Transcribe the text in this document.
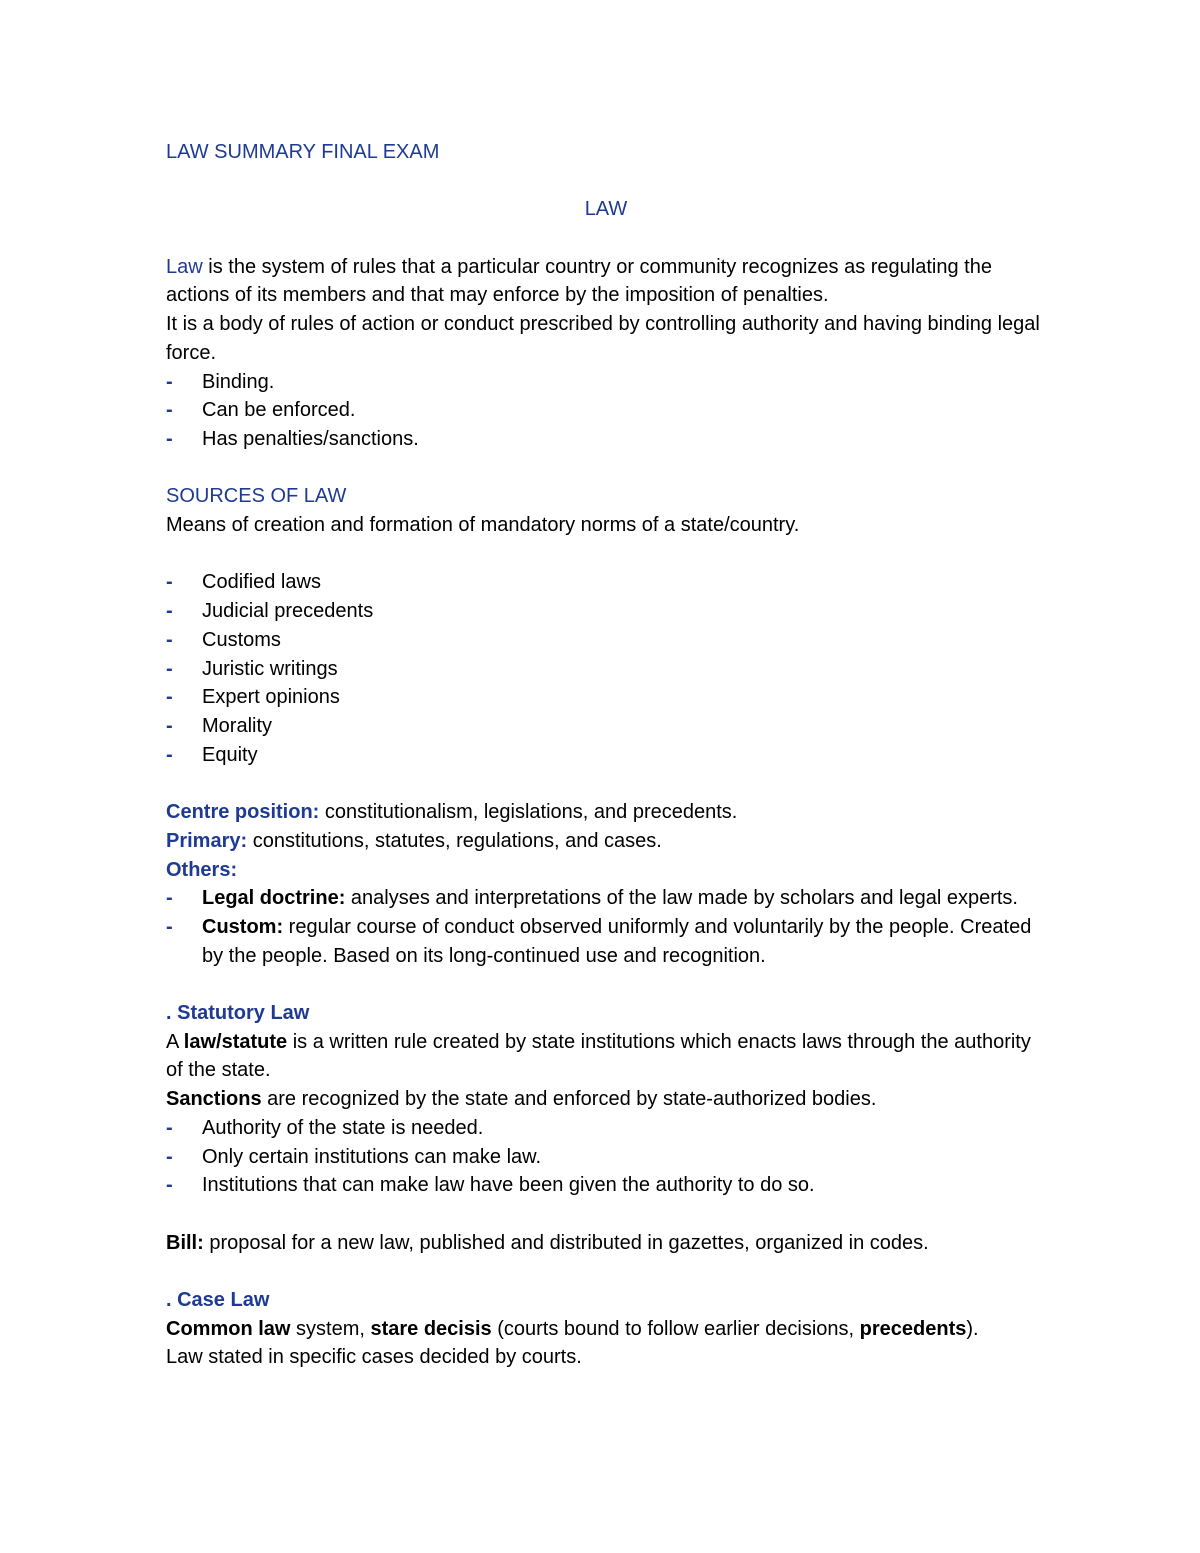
LAW SUMMARY FINAL EXAM

LAW

Law is the system of rules that a particular country or community recognizes as regulating the actions of its members and that may enforce by the imposition of penalties.

It is a body of rules of action or conduct prescribed by controlling authority and having binding legal force.

- Binding.
- Can be enforced.
- Has penalties/sanctions.

SOURCES OF LAW

Means of creation and formation of mandatory norms of a state/country.

- Codified laws
- Judicial precedents
- Customs
- Juristic writings
- Expert opinions
- Morality
- Equity

Centre position: constitutionalism, legislations, and precedents.

Primary: constitutions, statutes, regulations, and cases.

Others:

- Legal doctrine: analyses and interpretations of the law made by scholars and legal experts.
- Custom: regular course of conduct observed uniformly and voluntarily by the people. Created by the people. Based on its long-continued use and recognition.

. Statutory Law

A law/statute is a written rule created by state institutions which enacts laws through the authority of the state.

Sanctions are recognized by the state and enforced by state-authorized bodies.

- Authority of the state is needed.
- Only certain institutions can make law.
- Institutions that can make law have been given the authority to do so.

Bill: proposal for a new law, published and distributed in gazettes, organized in codes.

. Case Law

Common law system, stare decisis (courts bound to follow earlier decisions, precedents).

Law stated in specific cases decided by courts.
